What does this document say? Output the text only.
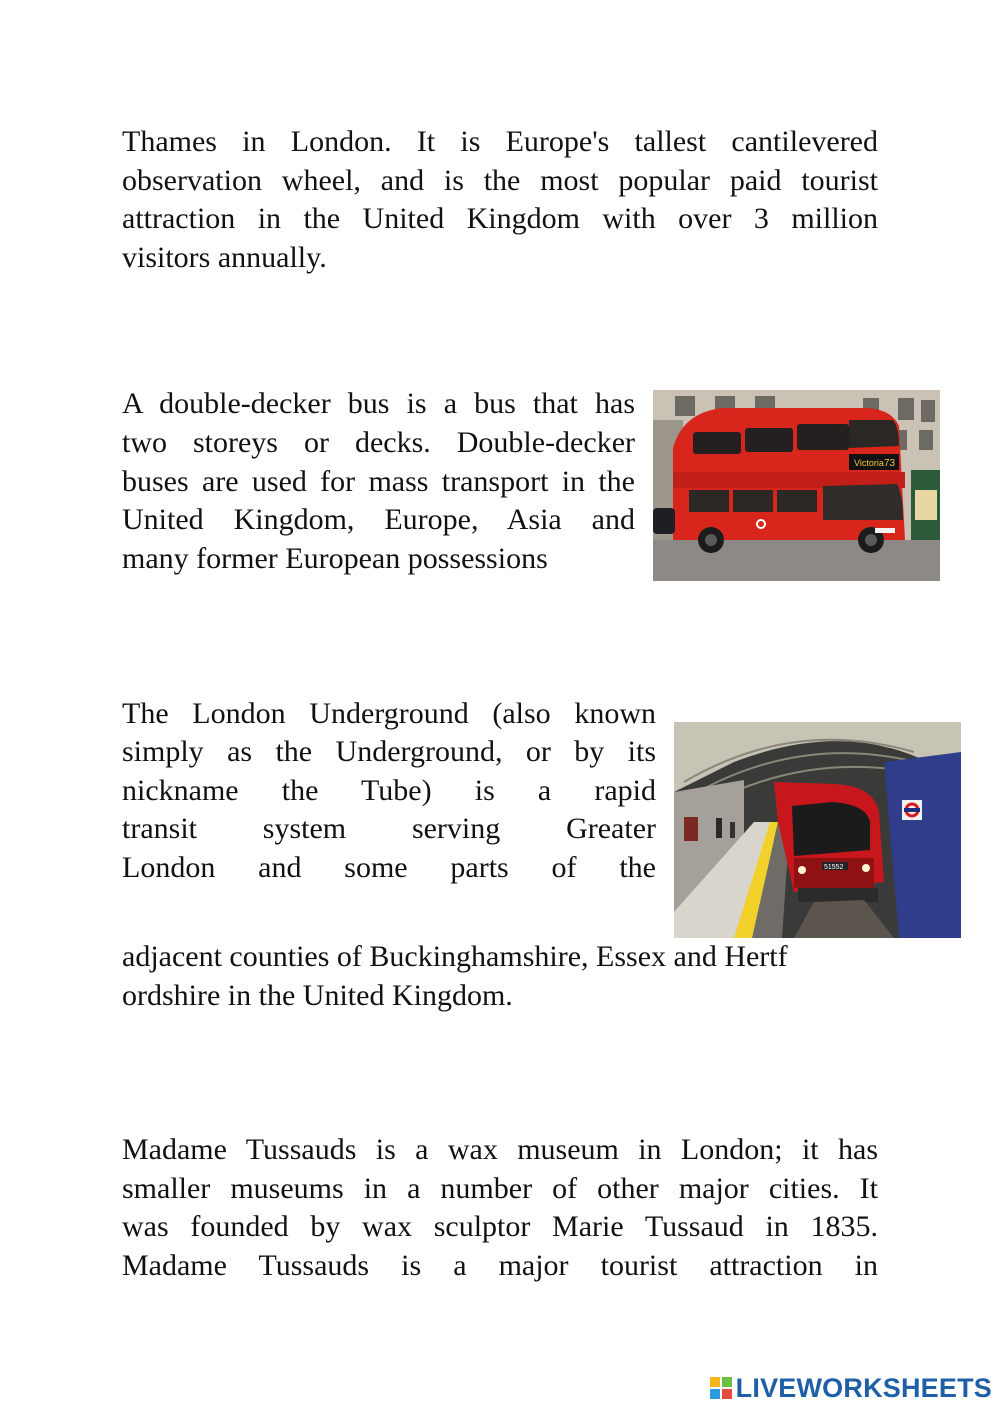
Thames in London. It is Europe's tallest cantilevered
observation wheel, and is the most popular paid tourist
attraction in the United Kingdom with over 3 million
visitors annually.
A double-decker bus is a bus that has
two storeys or decks. Double-decker
buses are used for mass transport in the
United Kingdom, Europe, Asia and
many former European possessions
Victoria 73
The London Underground (also known
simply as the Underground, or by its
nickname the Tube) is a rapid
transit system serving Greater
London and some parts of the
adjacent counties of Buckinghamshire, Essex and Hertf
ordshire in the United Kingdom.
51552
Madame Tussauds is a wax museum in London; it has
smaller museums in a number of other major cities. It
was founded by wax sculptor Marie Tussaud in 1835.
Madame Tussauds is a major tourist attraction in
LIVEWORKSHEETS
